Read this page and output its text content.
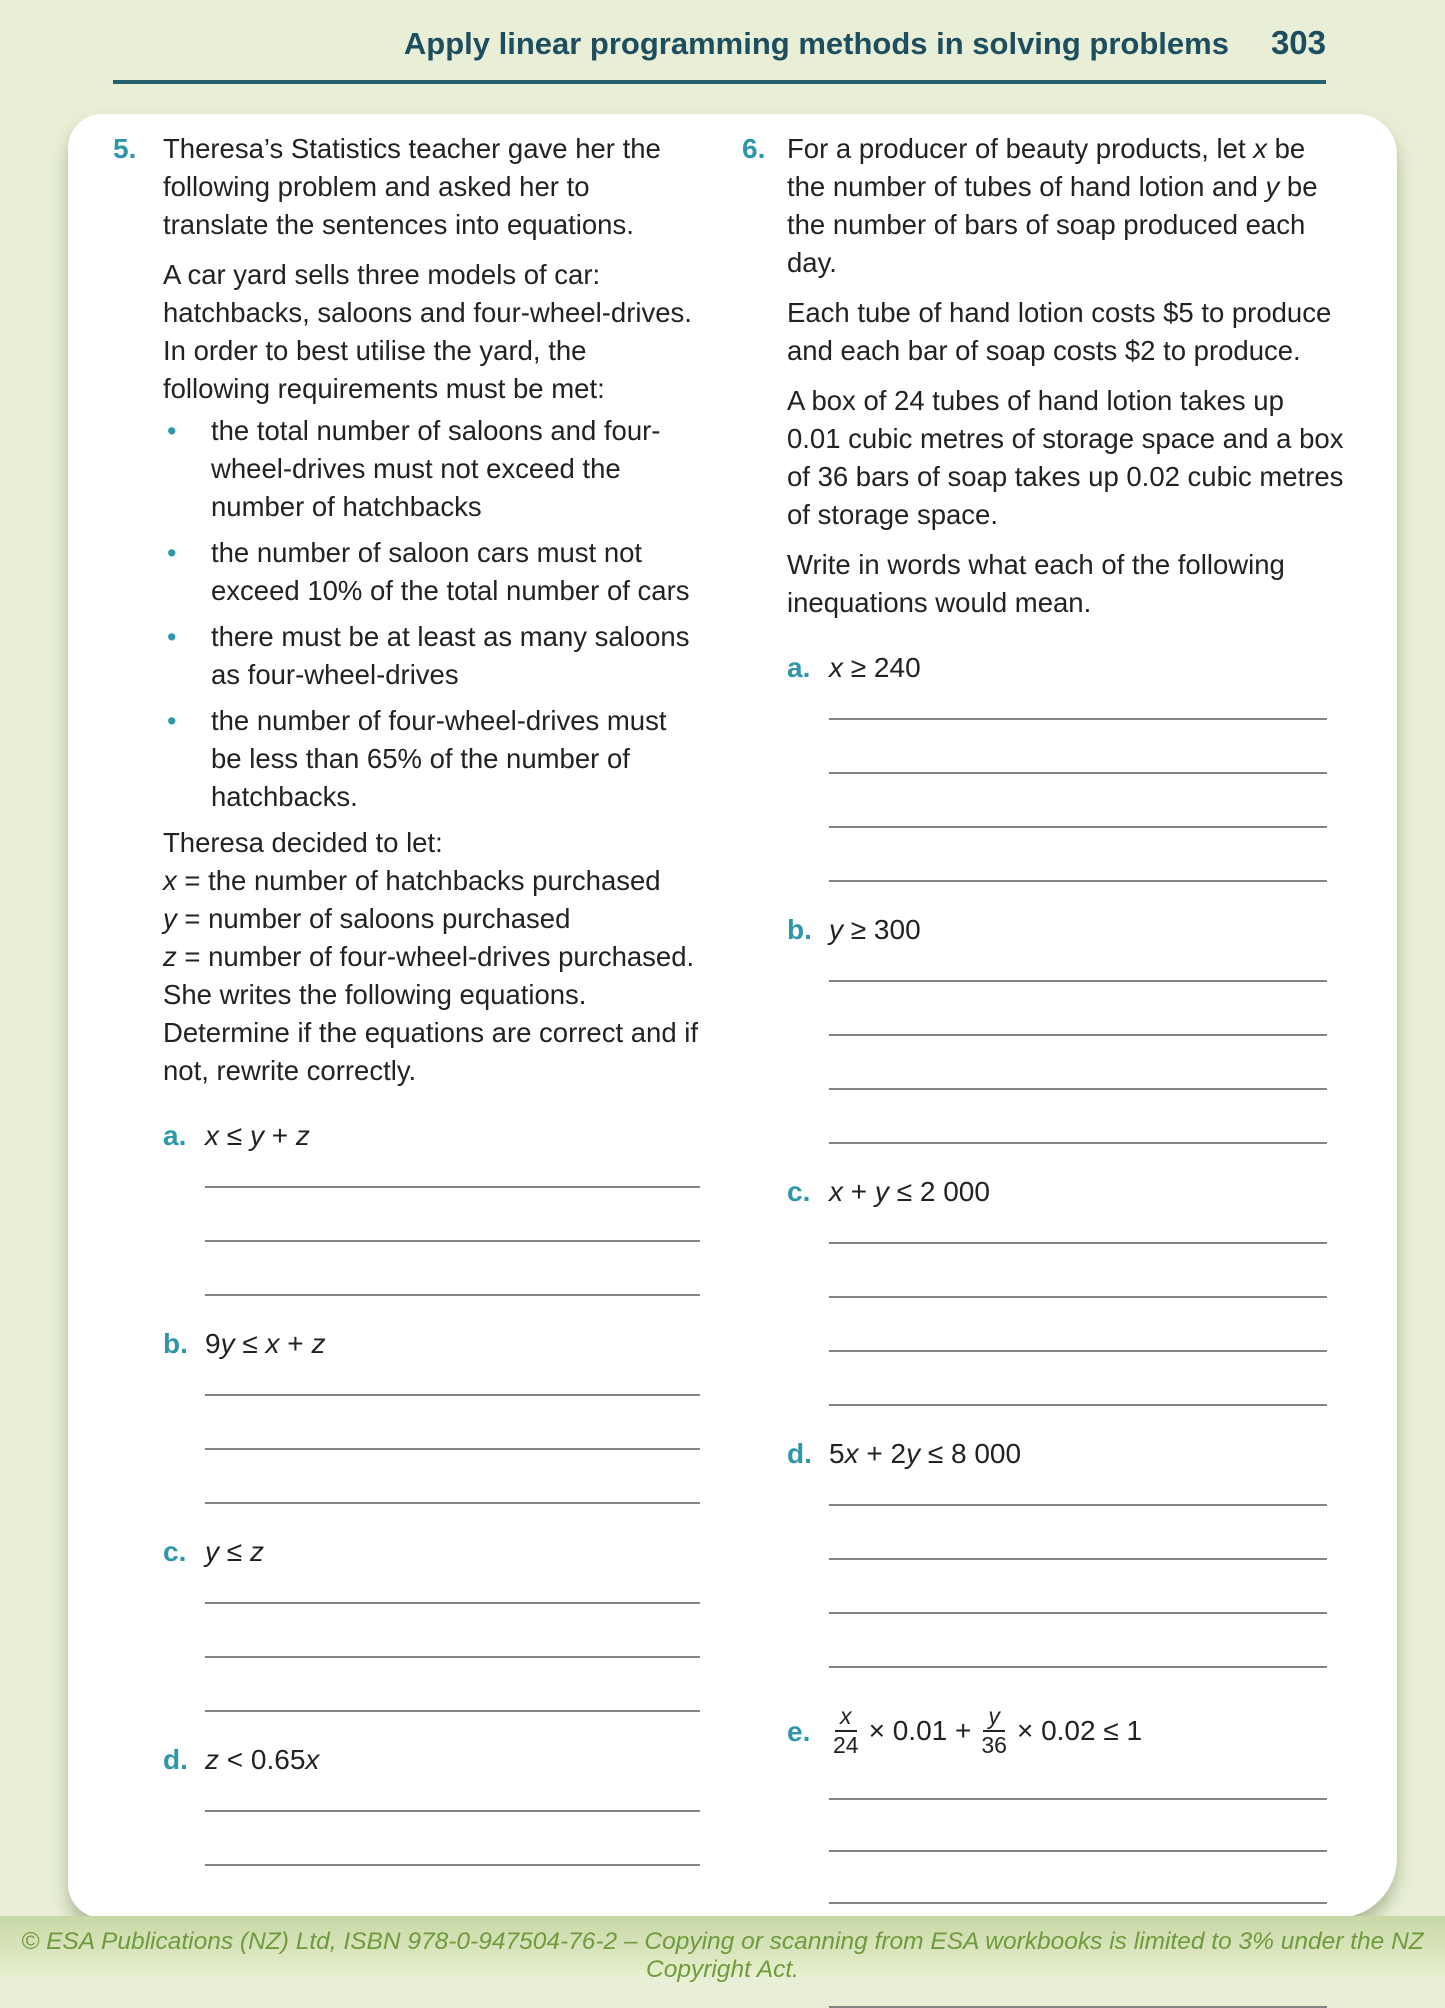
Apply linear programming methods in solving problems 303
5. Theresa’s Statistics teacher gave her the following problem and asked her to translate the sentences into equations.

A car yard sells three models of car: hatchbacks, saloons and four-wheel-drives. In order to best utilise the yard, the following requirements must be met:

•	the total number of saloons and four-wheel-drives must not exceed the number of hatchbacks
•	the number of saloon cars must not exceed 10% of the total number of cars
•	there must be at least as many saloons as four-wheel-drives
•	the number of four-wheel-drives must be less than 65% of the number of hatchbacks.
Theresa decided to let:
x = the number of hatchbacks purchased
y = number of saloons purchased
z = number of four-wheel-drives purchased.
She writes the following equations. Determine if the equations are correct and if not, rewrite correctly.
a. x ≤ y + z
b. 9y ≤ x + z
c. y ≤ z
d. z < 0.65x
6. For a producer of beauty products, let x be the number of tubes of hand lotion and y be the number of bars of soap produced each day.

Each tube of hand lotion costs $5 to produce and each bar of soap costs $2 to produce.

A box of 24 tubes of hand lotion takes up 0.01 cubic metres of storage space and a box of 36 bars of soap takes up 0.02 cubic metres of storage space.

Write in words what each of the following inequations would mean.

a. x ≥ 240
b. y ≥ 300
c. x + y ≤ 2 000
d. 5x + 2y ≤ 8 000
e. $\frac{x}{24} \times 0.01 + \frac{y}{36} \times 0.02 \le 1$
© ESA Publications (NZ) Ltd, ISBN 978-0-947504-76-2 – Copying or scanning from ESA workbooks is limited to 3% under the NZ Copyright Act.
